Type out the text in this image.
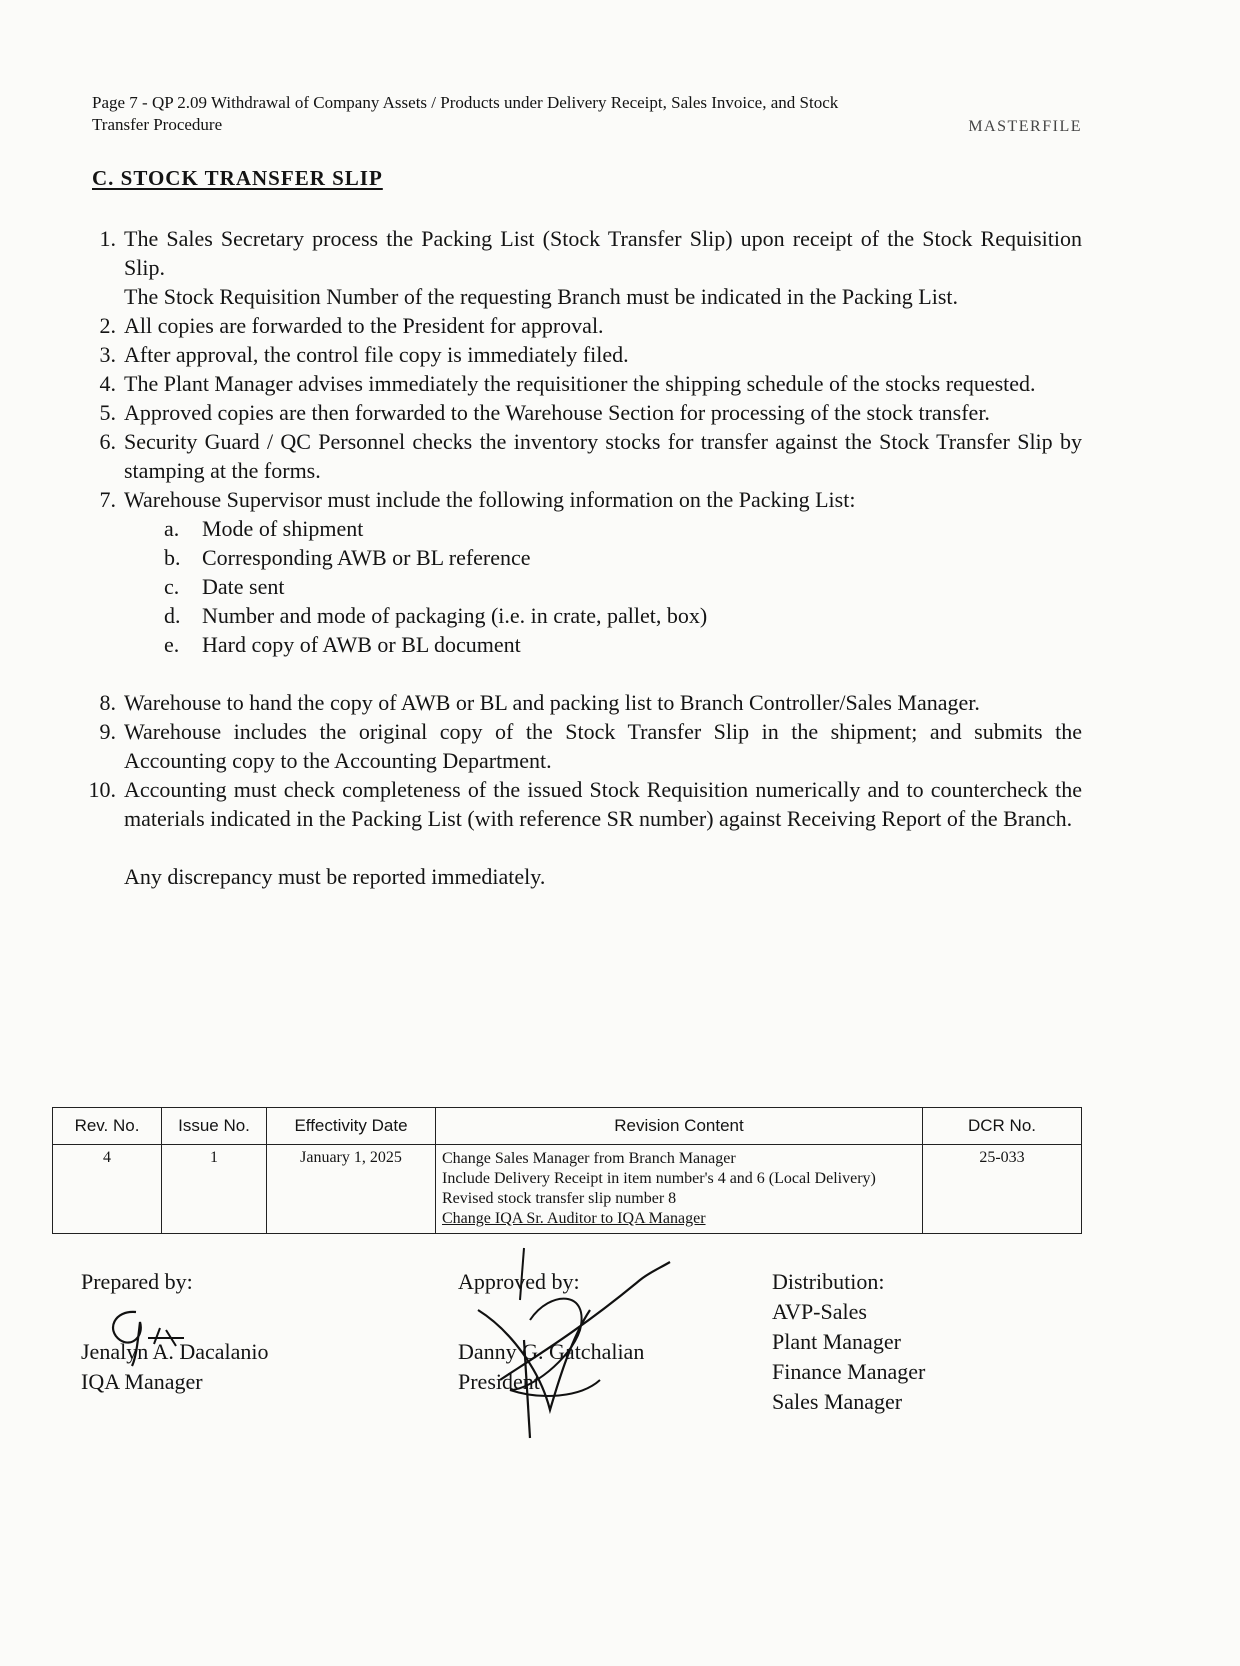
Page 7 - QP 2.09 Withdrawal of Company Assets / Products under Delivery Receipt, Sales Invoice, and Stock
Transfer Procedure	MASTERFILE
C. STOCK TRANSFER SLIP
1. The Sales Secretary process the Packing List (Stock Transfer Slip) upon receipt of the Stock Requisition Slip.

The Stock Requisition Number of the requesting Branch must be indicated in the Packing List.

2. All copies are forwarded to the President for approval.

3. After approval, the control file copy is immediately filed.

4. The Plant Manager advises immediately the requisitioner the shipping schedule of the stocks requested.

5. Approved copies are then forwarded to the Warehouse Section for processing of the stock transfer.

6. Security Guard / QC Personnel checks the inventory stocks for transfer against the Stock Transfer Slip by stamping at the forms.

7. Warehouse Supervisor must include the following information on the Packing List:

a.	Mode of shipment
b. Corresponding AWB or BL reference
c.	Date sent
d. Number and mode of packaging (i.e. in crate, pallet, box)
e.	Hard copy of AWB or BL document
8. Warehouse to hand the copy of AWB or BL and packing list to Branch Controller/Sales Manager.

9. Warehouse includes the original copy of the Stock Transfer Slip in the shipment; and submits the Accounting copy to the Accounting Department.

10. Accounting must check completeness of the issued Stock Requisition numerically and to countercheck the materials indicated in the Packing List (with reference SR number) against Receiving Report of the Branch.

Any discrepancy must be reported immediately.

Rev. No.	Issue No.	Effectivity Date	Revision Content	DCR No.
4	1	January 1, 2025	Change Sales Manager from Branch Manager
Include Delivery Receipt in item number's 4 and 6 (Local Delivery)
Revised stock transfer slip number 8
Change IQA Sr. Auditor to IQA Manager	25-033
Prepared by:
Jenalyn A. Dacalanio
IQA Manager
Approved by:
Danny G. Gatchalian
President
Distribution:
AVP-Sales
Plant Manager
Finance Manager
Sales Manager
